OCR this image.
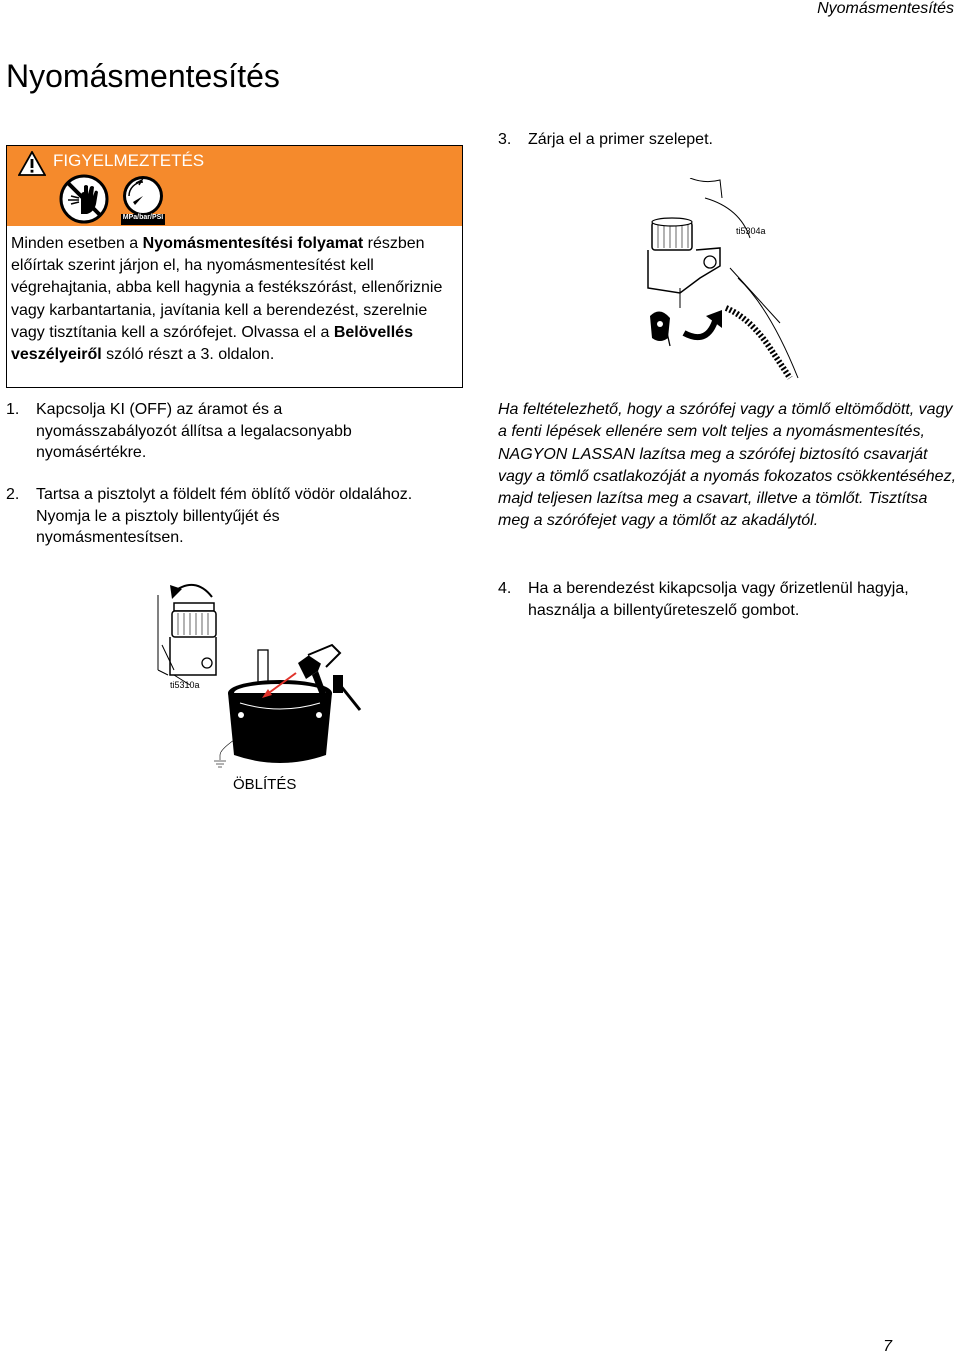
Nyomásmentesítés
Nyomásmentesítés
FIGYELMEZTETÉS
MPa/bar/PSI
Minden esetben a Nyomásmentesítési folyamat részben előírtak szerint járjon el, ha nyomásmentesítést kell végrehajtania, abba kell hagynia a festékszórást, ellenőriznie vagy karbantartania, javítania kell a berendezést, szerelnie vagy tisztítania kell a szórófejet. Olvassa el a Belövellés veszélyeiről szóló részt a 3. oldalon.
1. Kapcsolja KI (OFF) az áramot és a nyomásszabályozót állítsa a legalacsonyabb nyomásértékre.
2. Tartsa a pisztolyt a földelt fém öblítő vödör oldalához. Nyomja le a pisztoly billentyűjét és nyomásmentesítsen.
ti5310a
ÖBLÍTÉS
3. Zárja el a primer szelepet.
ti5304a
Ha feltételezhető, hogy a szórófej vagy a tömlő eltömődött, vagy a fenti lépések ellenére sem volt teljes a nyomásmentesítés, NAGYON LASSAN lazítsa meg a szórófej biztosító csavarját vagy a tömlő csatlakozóját a nyomás fokozatos csökkentéséhez, majd teljesen lazítsa meg a csavart, illetve a tömlőt. Tisztítsa meg a szórófejet vagy a tömlőt az akadálytól.
4. Ha a berendezést kikapcsolja vagy őrizetlenül hagyja, használja a billentyűreteszelő gombot.
7
